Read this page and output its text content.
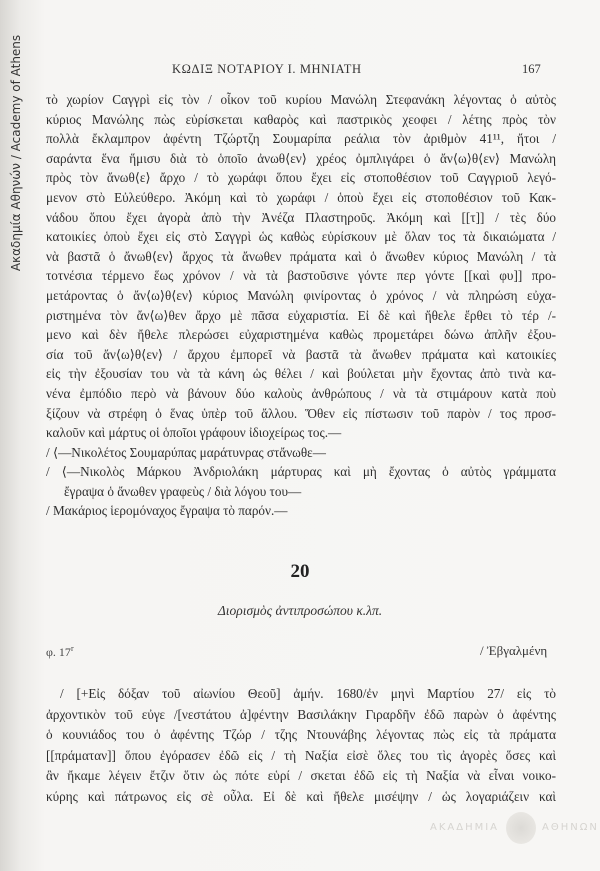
Ακαδημία Αθηνών / Academy of Athens	ΚΩΔΙΞ ΝΟΤΑΡΙΟΥ Ι. ΜΗΝΙΑΤΗ	167
τὸ χωρίον Cαγγρὶ εἰς τὸν / οἶκον τοῦ κυρίου Μανώλη Στεφανάκη λέγοντας ὁ αὐτὸς
κύριος Μανώλης πὼς εὑρίσκεται καθαρὸς καὶ παστρικὸς χεοφει / λέτης πρὸς τὸν
πολλὰ ἔκλαμπρον ἀφέντη Τζώρτζη Σουμαρίπα ρεάλια τὸν ἀριθμὸν 41¹¹, ἤτοι /
σαράντα ἕνα ἥμισυ διὰ τὸ ὁποῖο ἀνωθ⟨εν⟩ χρέος ὀμπλιγάρει ὁ ἄν⟨ω⟩θ⟨εν⟩ Μανώλη
πρὸς τὸν ἄνωθ⟨ε⟩ ἄρχο / τὸ χωράφι ὅπου ἔχει εἰς στοποθέσιον τοῦ Cαγγριοῦ λεγό-
μενον στὸ Εὐλεύθερο. Ἀκόμη καὶ τὸ χωράφι / ὁποὺ ἔχει εἰς στοποθέσιον τοῦ Κακ-
νάδου ὅπου ἔχει ἀγορὰ ἀπὸ τὴν Ἀνέζα Πλαστηροῦς. Ἀκόμη καὶ [[τ]] / τὲς δύο
κατοικίες ὁποὺ ἔχει εἰς στὸ Σαγγρὶ ὡς καθὼς εὑρίσκουν μὲ ὅλαν τος τὰ δικαιώματα /
νὰ βαστᾶ ὁ ἄνωθ⟨εν⟩ ἄρχος τὰ ἄνωθεν πράματα καὶ ὁ ἄνωθεν κύριος Μανώλη / τὰ
τοτνέσια τέρμενο ἕως χρόνον / νὰ τὰ βαστοῦσινε γόντε περ γόντε [[καὶ φυ]] προ-
μετάροντας ὁ ἄν⟨ω⟩θ⟨εν⟩ κύριος Μανώλη φινίροντας ὁ χρόνος / νὰ πληρώση εὐχα-
ριστημένα τὸν ἄν⟨ω⟩θεν ἄρχο μὲ πᾶσα εὐχαριστία. Εἰ δὲ καὶ ἤθελε ἔρθει τὸ τέρ /-
μενο καὶ δὲν ἤθελε πλερώσει εὐχαριστημένα καθὼς προμετάρει δώνω ἀπλῆν ἐξου-
σία τοῦ ἄν⟨ω⟩θ⟨εν⟩ / ἄρχου ἐμπορεῖ νὰ βαστᾶ τὰ ἄνωθεν πράματα καὶ κατοικίες
εἰς τὴν ἐξουσίαν του νὰ τὰ κάνη ὡς θέλει / καὶ βούλεται μὴν ἔχοντας ἀπὸ τινὰ κα-
νένα ἐμπόδιο περὸ νὰ βάνουν δύο καλοὺς ἀνθρώπους / νὰ τὰ στιμάρουν κατὰ ποὺ
ξίζουν νὰ στρέφη ὁ ἕνας ὑπὲρ τοῦ ἄλλου. Ὅθεν εἰς πίστωσιν τοῦ παρὸν / τος προσ-
καλοῦν καὶ μάρτυς οἱ ὁποῖοι γράφουν ἰδιοχείρως τος.—
/ ⟨—Νικολέτος Σουμαρύπας μαράτυνρας στἄνωθε—
/ ⟨—Νικολὸς Μάρκου Ἀνδριολάκη μάρτυρας καὶ μὴ ἔχοντας ὁ αὐτὸς γράμματα
ἔγραψα ὁ ἄνωθεν γραφεὺς / διὰ λόγου του—
/ Μακάριος ἱερομόναχος ἔγραψα τὸ παρόν.—
20
Διορισμὸς ἀντιπροσώπου κ.λπ.
φ. 17$^r$	/ Ἐβγαλμένη
/ [+Εἰς δόξαν τοῦ αἰωνίου Θεοῦ] ἀμήν. 1680/ἐν μηνὶ Μαρτίου 27/ εἰς τὸ
ἀρχοντικὸν τοῦ εὐγε /[νεστάτου ἀ]φέντην Βασιλάκην Γιραρδῆν ἐδῶ παρὼν ὁ ἀφέντης
ὁ κουνιάδος του ὁ ἀφέντης Τζώρ / τζης Ντουνάβης λέγοντας πὼς εἰς τὰ πράματα
[[πράματαν]] ὅπου ἐγόρασεν ἐδῶ εἰς / τὴ Ναξία εἰσὲ ὅλες του τὶς ἀγορὲς ὅσες καὶ
ἂν ἤκαμε λέγειν ἔτζιν ὅτιν ὡς πότε εὑρί / σκεται ἐδῶ εἰς τὴ Ναξία νὰ εἶναι νοικο-
κύρης καὶ πάτρωνος εἰς σὲ οὖλα. Εἰ δὲ καὶ ἤθελε μισέψην / ὡς λογαριάζειν καὶ
ΑΚΑΔΗΜΙΑ	ΑΘΗΝΩΝ
